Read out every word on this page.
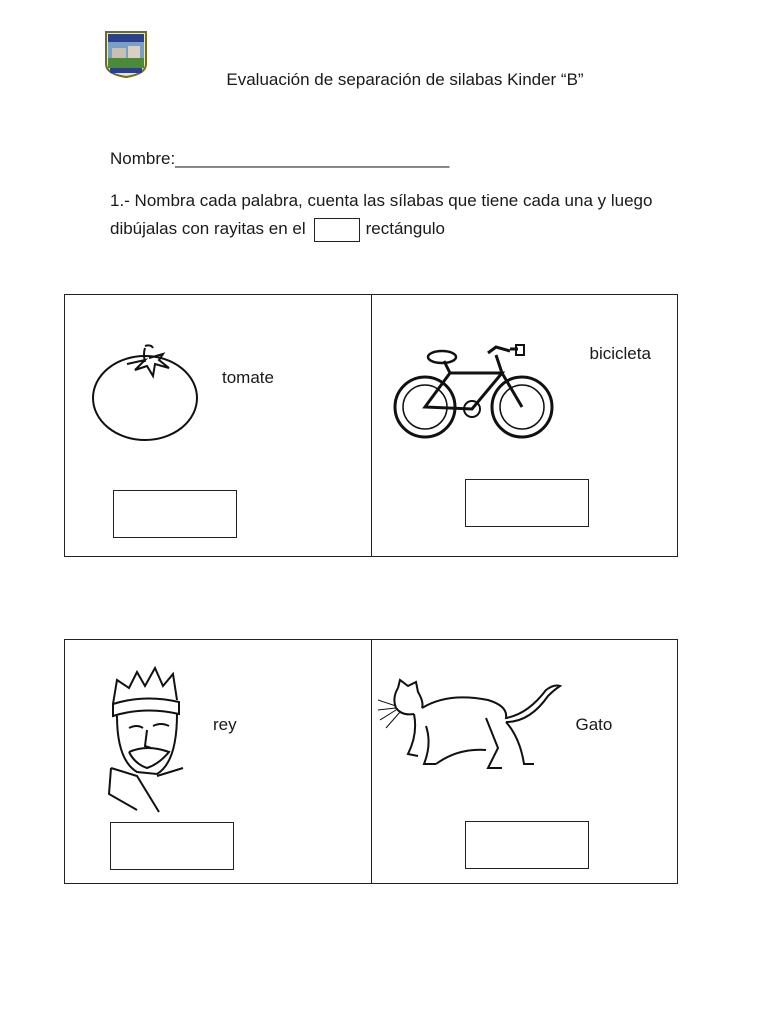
Evaluación de separación de silabas Kinder “B”
Nombre:_____________________________
1.- Nombra cada palabra, cuenta las sílabas que tiene cada una y luego dibújalas con rayitas en el	rectángulo
tomate
bicicleta
rey	Gato
